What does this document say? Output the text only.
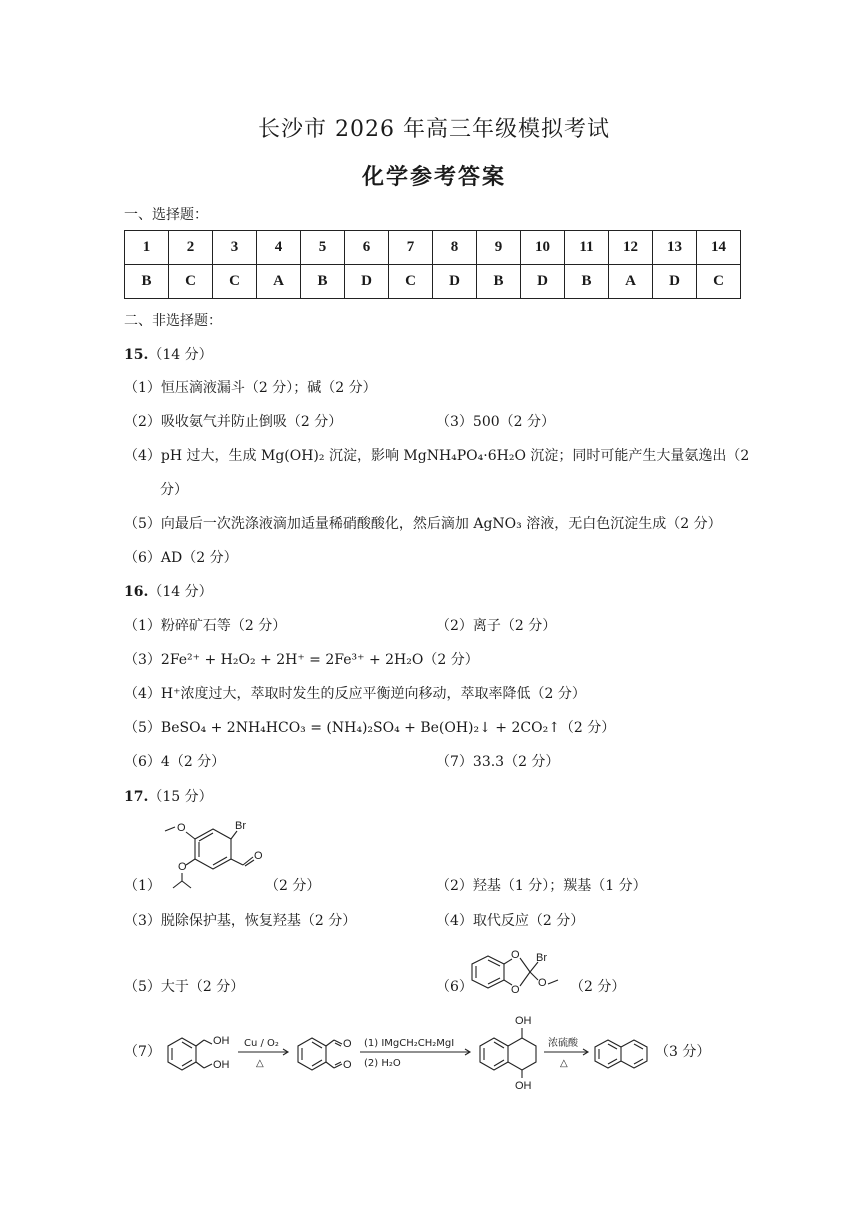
长沙市 2026 年高三年级模拟考试
化学参考答案
一、选择题：
1	2	3	4	5	6	7	8	9	10	11	12	13	14
B	C	C	A	B	D	C	D	B	D	B	A	D	C
二、非选择题：
15.（14 分）
（1）恒压滴液漏斗（2 分）；碱（2 分）
（2）吸收氨气并防止倒吸（2 分）	（3）500（2 分）
（4）pH 过大，生成 Mg(OH)₂ 沉淀，影响 MgNH₄PO₄·6H₂O 沉淀；同时可能产生大量氨逸出（2
分）
（5）向最后一次洗涤液滴加适量稀硝酸酸化，然后滴加 AgNO₃ 溶液，无白色沉淀生成（2 分）
（6）AD（2 分）
16.（14 分）
（1）粉碎矿石等（2 分）	（2）离子（2 分）
（3）2Fe²⁺ + H₂O₂ + 2H⁺ = 2Fe³⁺ + 2H₂O（2 分）
（4）H⁺浓度过大，萃取时发生的反应平衡逆向移动，萃取率降低（2 分）
（5）BeSO₄ + 2NH₄HCO₃ = (NH₄)₂SO₄ + Be(OH)₂↓ + 2CO₂↑（2 分）
（6）4（2 分）	（7）33.3（2 分）
17.（15 分）
（1）
Br
O
O
O
（2 分）	（2）羟基（1 分）；羰基（1 分）
（3）脱除保护基，恢复羟基（2 分）	（4）取代反应（2 分）
（5）大于（2 分）	（6）
O
O
Br
O （2 分）
（7）
OH
OH
Cu / O₂
△
O
O
(1) IMgCH₂CH₂MgI
(2) H₂O
OH
OH
浓硫酸
△
（3 分）
